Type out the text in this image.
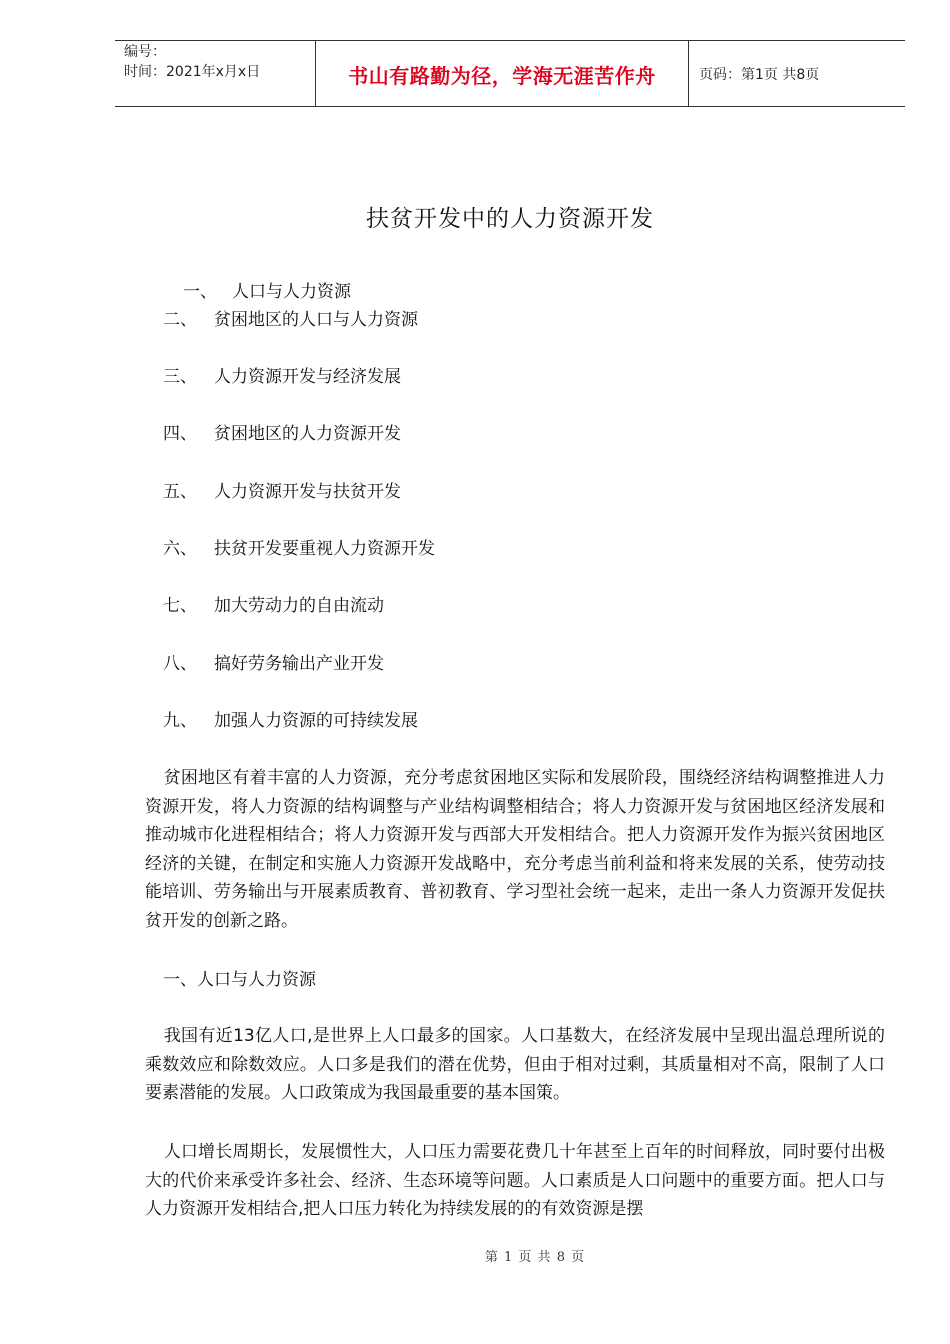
编号：
时间：2021年x月x日	书山有路勤为径，学海无涯苦作舟	页码：第1页 共8页
扶贫开发中的人力资源开发
一、 人口与人力资源
二、 贫困地区的人口与人力资源
三、 人力资源开发与经济发展
四、 贫困地区的人力资源开发
五、 人力资源开发与扶贫开发
六、 扶贫开发要重视人力资源开发
七、 加大劳动力的自由流动
八、 搞好劳务输出产业开发
九、 加强人力资源的可持续发展
贫困地区有着丰富的人力资源，充分考虑贫困地区实际和发展阶段，围绕经济结构调整推进人力资源开发，将人力资源的结构调整与产业结构调整相结合；将人力资源开发与贫困地区经济发展和推动城市化进程相结合；将人力资源开发与西部大开发相结合。把人力资源开发作为振兴贫困地区经济的关键，在制定和实施人力资源开发战略中，充分考虑当前利益和将来发展的关系，使劳动技能培训、劳务输出与开展素质教育、普初教育、学习型社会统一起来，走出一条人力资源开发促扶贫开发的创新之路。
一、人口与人力资源
我国有近13亿人口,是世界上人口最多的国家。人口基数大，在经济发展中呈现出温总理所说的乘数效应和除数效应。人口多是我们的潜在优势，但由于相对过剩，其质量相对不高，限制了人口要素潜能的发展。人口政策成为我国最重要的基本国策。
人口增长周期长，发展惯性大，人口压力需要花费几十年甚至上百年的时间释放，同时要付出极大的代价来承受许多社会、经济、生态环境等问题。人口素质是人口问题中的重要方面。把人口与人力资源开发相结合,把人口压力转化为持续发展的的有效资源是摆
第 1 页 共 8 页
